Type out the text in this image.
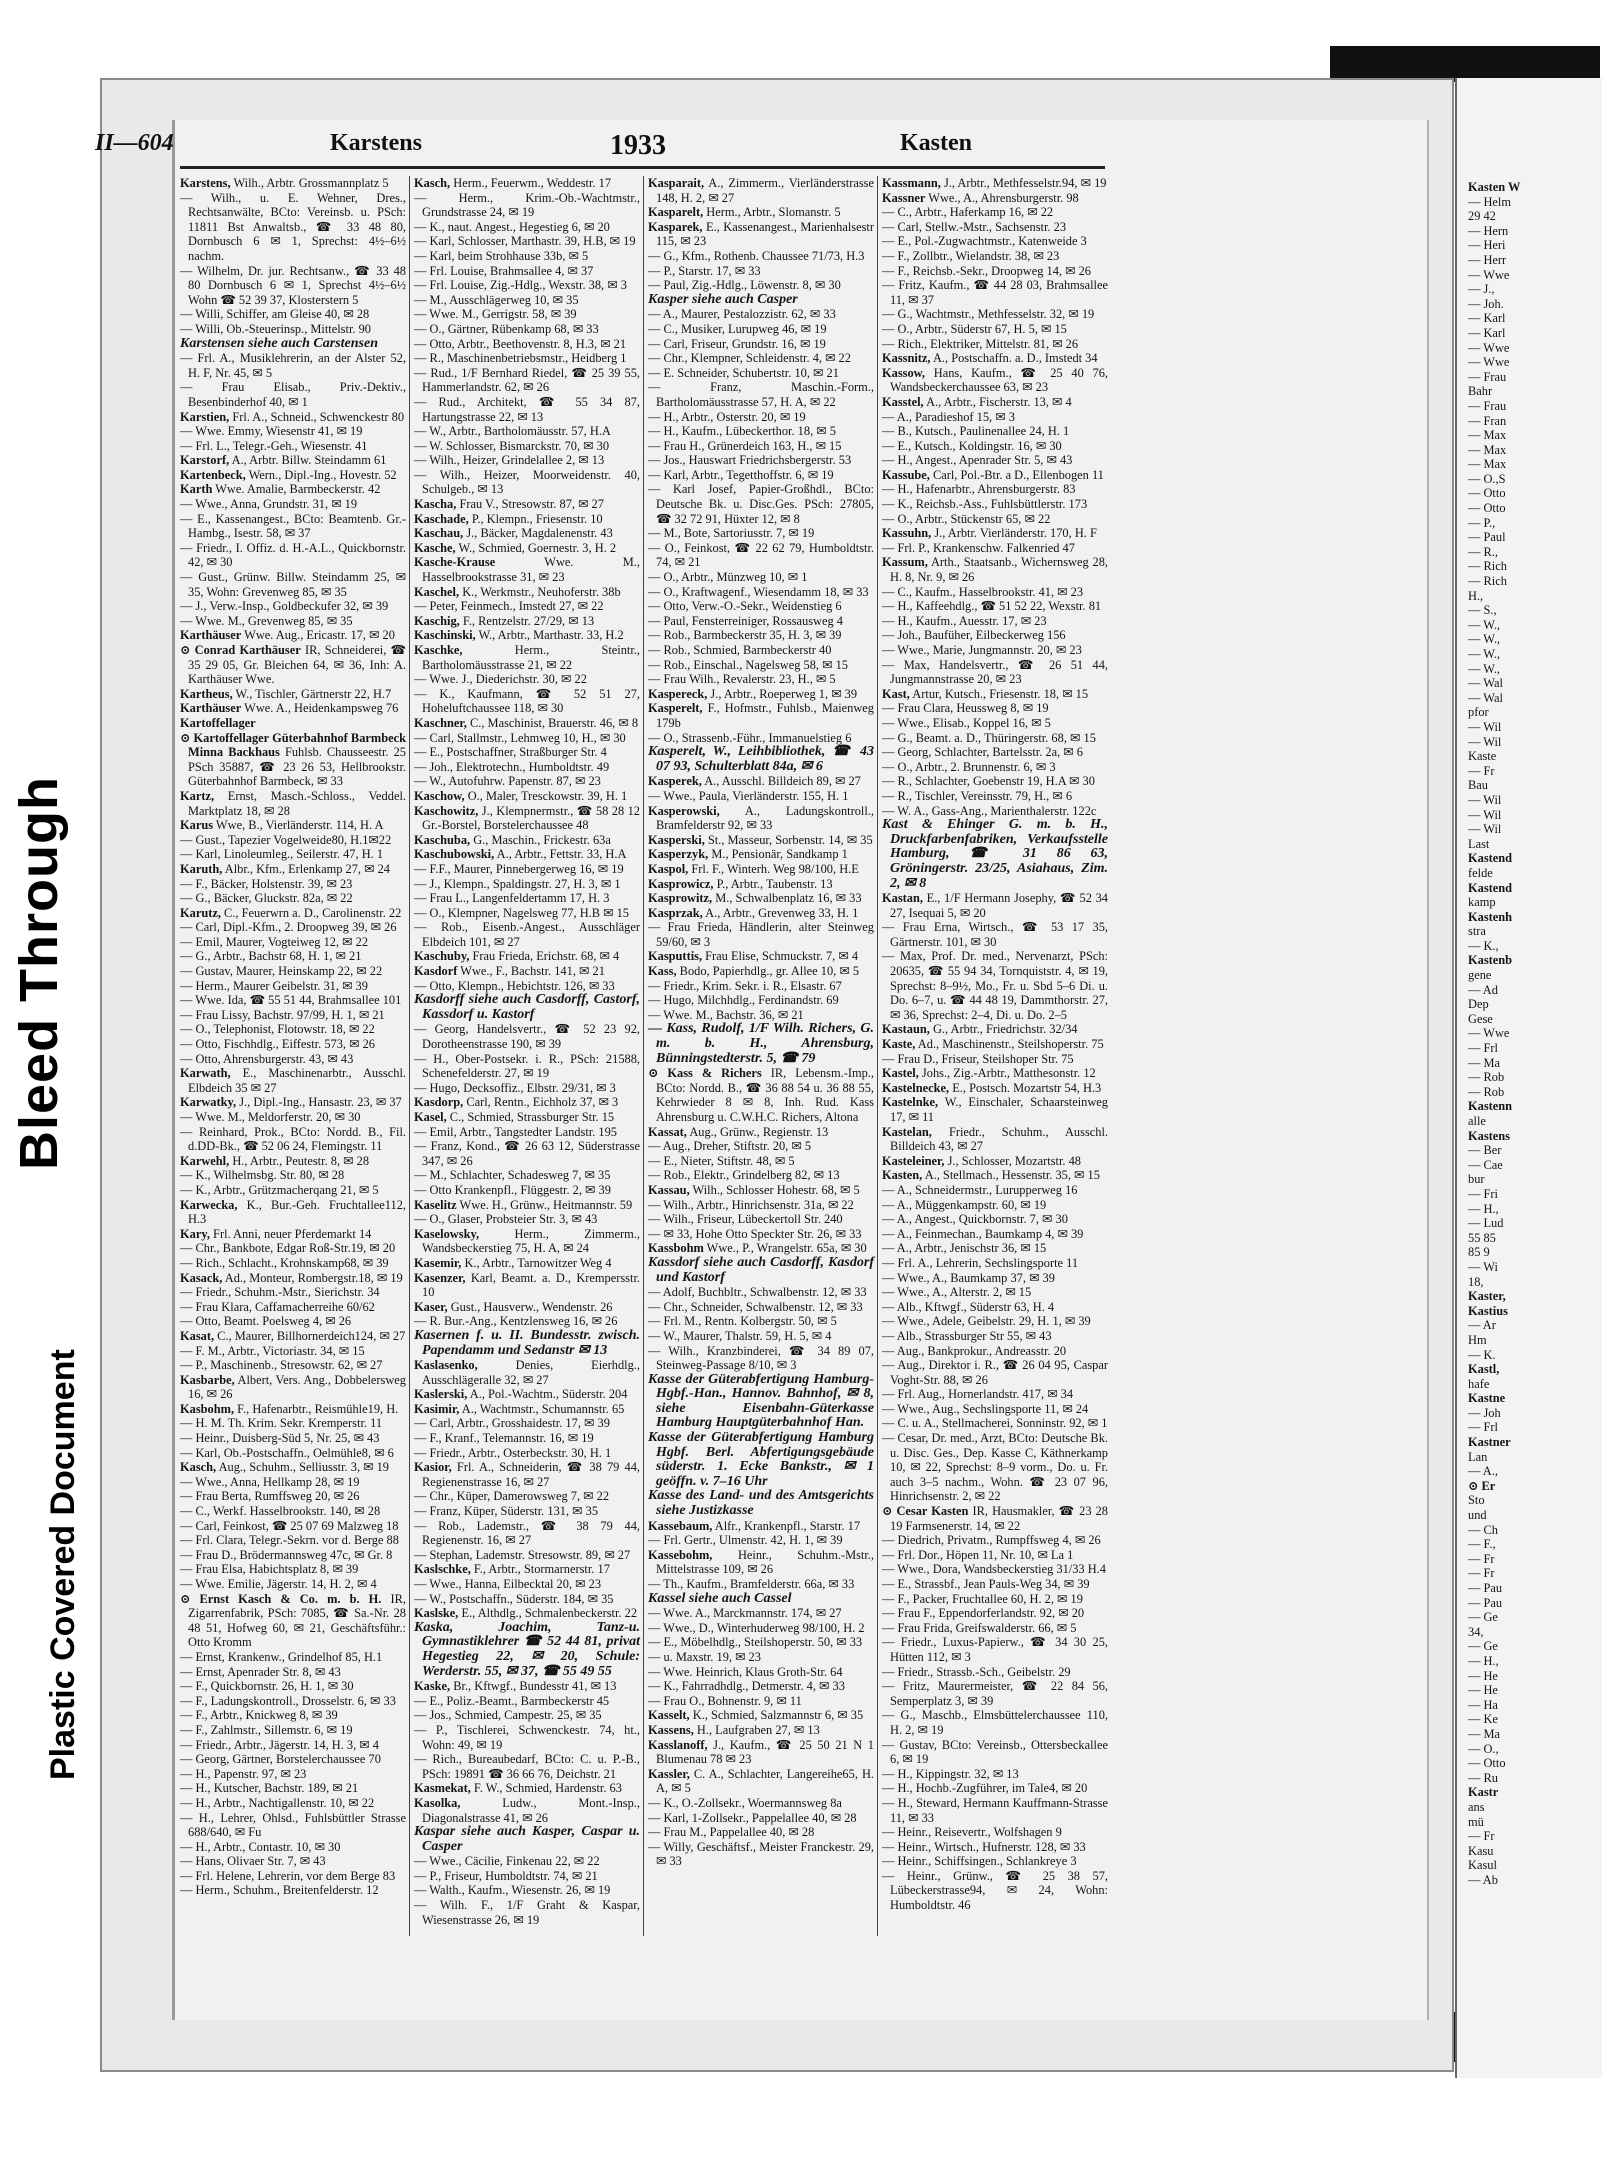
Bleed Through
Plastic Covered Document
II—604	Karstens	1933	Kasten

Karstens, Wilh., Arbtr. Grossmannplatz 5

— Wilh., u. E. Wehner, Dres., Rechtsanwälte, BCto: Vereinsb. u. PSch: 11811 Bst Anwaltsb., ☎ 33 48 80, Dornbusch 6 ✉ 1, Sprechst: 4½–6½ nachm.

— Wilhelm, Dr. jur. Rechtsanw., ☎ 33 48 80 Dornbusch 6 ✉ 1, Sprechst 4½–6½ Wohn ☎ 52 39 37, Klosterstern 5

— Willi, Schiffer, am Gleise 40, ✉ 28

— Willi, Ob.-Steuerinsp., Mittelstr. 90

Karstensen siehe auch Carstensen

— Frl. A., Musiklehrerin, an der Alster 52, H. F, Nr. 45, ✉ 5

— Frau Elisab., Priv.-Dektiv., Besenbinderhof 40, ✉ 1

Karstien, Frl. A., Schneid., Schwenckestr 80

— Wwe. Emmy, Wiesenstr 41, ✉ 19

— Frl. L., Telegr.-Geh., Wiesenstr. 41

Karstorf, A., Arbtr. Billw. Steindamm 61

Kartenbeck, Wern., Dipl.-Ing., Hovestr. 52

Karth Wwe. Amalie, Barmbeckerstr. 42

— Wwe., Anna, Grundstr. 31, ✉ 19

— E., Kassenangest., BCto: Beamtenb. Gr.-Hambg., Isestr. 58, ✉ 37

— Friedr., I. Offiz. d. H.-A.L., Quickbornstr. 42, ✉ 30

— Gust., Grünw. Billw. Steindamm 25, ✉ 35, Wohn: Grevenweg 85, ✉ 35

— J., Verw.-Insp., Goldbeckufer 32, ✉ 39

— Wwe. M., Grevenweg 85, ✉ 35

Karthäuser Wwe. Aug., Ericastr. 17, ✉ 20

⊙ Conrad Karthäuser IR, Schneiderei, ☎ 35 29 05, Gr. Bleichen 64, ✉ 36, Inh: A. Karthäuser Wwe.

Kartheus, W., Tischler, Gärtnerstr 22, H.7

Karthäuser Wwe. A., Heidenkampsweg 76

Kartoffellager

⊙ Kartoffellager Güterbahnhof Barmbeck Minna Backhaus Fuhlsb. Chausseestr. 25 PSch 35887, ☎ 23 26 53, Hellbrookstr. Güterbahnhof Barmbeck, ✉ 33

Kartz, Ernst, Masch.-Schloss., Veddel. Marktplatz 18, ✉ 28

Karus Wwe, B., Vierländerstr. 114, H. A

— Gust., Tapezier Vogelweide80, H.1✉22

— Karl, Linoleumleg., Seilerstr. 47, H. 1

Karuth, Albr., Kfm., Erlenkamp 27, ✉ 24

— F., Bäcker, Holstenstr. 39, ✉ 23

— G., Bäcker, Gluckstr. 82a, ✉ 22

Karutz, C., Feuerwrn a. D., Carolinenstr. 22

— Carl, Dipl.-Kfm., 2. Droopweg 39, ✉ 26

— Emil, Maurer, Vogteiweg 12, ✉ 22

— G., Arbtr., Bachstr 68, H. 1, ✉ 21

— Gustav, Maurer, Heinskamp 22, ✉ 22

— Herm., Maurer Geibelstr. 31, ✉ 39

— Wwe. Ida, ☎ 55 51 44, Brahmsallee 101

— Frau Lissy, Bachstr. 97/99, H. 1, ✉ 21

— O., Telephonist, Flotowstr. 18, ✉ 22

— Otto, Fischhdlg., Eiffestr. 573, ✉ 26

— Otto, Ahrensburgerstr. 43, ✉ 43

Karwath, E., Maschinenarbtr., Ausschl. Elbdeich 35 ✉ 27

Karwatky, J., Dipl.-Ing., Hansastr. 23, ✉ 37

— Wwe. M., Meldorferstr. 20, ✉ 30

— Reinhard, Prok., BCto: Nordd. B., Fil. d.DD-Bk., ☎ 52 06 24, Flemingstr. 11

Karwehl, H., Arbtr., Peutestr. 8, ✉ 28

— K., Wilhelmsbg. Str. 80, ✉ 28

— K., Arbtr., Grützmacherqang 21, ✉ 5

Karwecka, K., Bur.-Geh. Fruchtallee112, H.3

Kary, Frl. Anni, neuer Pferdemarkt 14

— Chr., Bankbote, Edgar Roß-Str.19, ✉ 20

— Rich., Schlacht., Krohnskamp68, ✉ 39

Kasack, Ad., Monteur, Rombergstr.18, ✉ 19

— Friedr., Schuhm.-Mstr., Sierichstr. 34

— Frau Klara, Caffamacherreihe 60/62

— Otto, Beamt. Poelsweg 4, ✉ 26

Kasat, C., Maurer, Billhornerdeich124, ✉ 27

— F. M., Arbtr., Victoriastr. 34, ✉ 15

— P., Maschinenb., Stresowstr. 62, ✉ 27

Kasbarbe, Albert, Vers. Ang., Dobbelersweg 16, ✉ 26

Kasbohm, F., Hafenarbtr., Reismühle19, H.

— H. M. Th. Krim. Sekr. Kremperstr. 11

— Heinr., Duisberg-Süd 5, Nr. 25, ✉ 43

— Karl, Ob.-Postschaffn., Oelmühle8, ✉ 6

Kasch, Aug., Schuhm., Selliusstr. 3, ✉ 19

— Wwe., Anna, Hellkamp 28, ✉ 19

— Frau Berta, Rumffsweg 20, ✉ 26

— C., Werkf. Hasselbrookstr. 140, ✉ 28

— Carl, Feinkost, ☎ 25 07 69 Malzweg 18

— Frl. Clara, Telegr.-Sekrn. vor d. Berge 88

— Frau D., Brödermannsweg 47c, ✉ Gr. 8

— Frau Elsa, Habichtsplatz 8, ✉ 39

— Wwe. Emilie, Jägerstr. 14, H. 2, ✉ 4

⊙ Ernst Kasch & Co. m. b. H. IR, Zigarrenfabrik, PSch: 7085, ☎ Sa.-Nr. 28 48 51, Hofweg 60, ✉ 21, Geschäftsführ.: Otto Kromm

— Ernst, Krankenw., Grindelhof 85, H.1

— Ernst, Apenrader Str. 8, ✉ 43

— F., Quickbornstr. 26, H. 1, ✉ 30

— F., Ladungskontroll., Drosselstr. 6, ✉ 33

— F., Arbtr., Knickweg 8, ✉ 39

— F., Zahlmstr., Sillemstr. 6, ✉ 19

— Friedr., Arbtr., Jägerstr. 14, H. 3, ✉ 4

— Georg, Gärtner, Borstelerchaussee 70

— H., Papenstr. 97, ✉ 23

— H., Kutscher, Bachstr. 189, ✉ 21

— H., Arbtr., Nachtigallenstr. 10, ✉ 22

— H., Lehrer, Ohlsd., Fuhlsbüttler Strasse 688/640, ✉ Fu

— H., Arbtr., Contastr. 10, ✉ 30

— Hans, Olivaer Str. 7, ✉ 43

— Frl. Helene, Lehrerin, vor dem Berge 83

— Herm., Schuhm., Breitenfelderstr. 12

Kasch, Herm., Feuerwm., Weddestr. 17

— Herm., Krim.-Ob.-Wachtmstr., Grundstrasse 24, ✉ 19

— K., naut. Angest., Hegestieg 6, ✉ 20

— Karl, Schlosser, Marthastr. 39, H.B, ✉ 19

— Karl, beim Strohhause 33b, ✉ 5

— Frl. Louise, Brahmsallee 4, ✉ 37

— Frl. Louise, Zig.-Hdlg., Wexstr. 38, ✉ 3

— M., Ausschlägerweg 10, ✉ 35

— Wwe. M., Gerrigstr. 58, ✉ 39

— O., Gärtner, Rübenkamp 68, ✉ 33

— Otto, Arbtr., Beethovenstr. 8, H.3, ✉ 21

— R., Maschinenbetriebsmstr., Heidberg 1

— Rud., 1/F Bernhard Riedel, ☎ 25 39 55, Hammerlandstr. 62, ✉ 26

— Rud., Architekt, ☎ 55 34 87, Hartungstrasse 22, ✉ 13

— W., Arbtr., Bartholomäusstr. 57, H.A

— W. Schlosser, Bismarckstr. 70, ✉ 30

— Wilh., Heizer, Grindelallee 2, ✉ 13

— Wilh., Heizer, Moorweidenstr. 40, Schulgeb., ✉ 13

Kascha, Frau V., Stresowstr. 87, ✉ 27

Kaschade, P., Klempn., Friesenstr. 10

Kaschau, J., Bäcker, Magdalenenstr. 43

Kasche, W., Schmied, Goernestr. 3, H. 2

Kasche-Krause Wwe. M., Hasselbrookstrasse 31, ✉ 23

Kaschel, K., Werkmstr., Neuhoferstr. 38b

— Peter, Feinmech., Imstedt 27, ✉ 22

Kaschig, F., Rentzelstr. 27/29, ✉ 13

Kaschinski, W., Arbtr., Marthastr. 33, H.2

Kaschke, Herm., Steintr., Bartholomäusstrasse 21, ✉ 22

— Wwe. J., Diederichstr. 30, ✉ 22

— K., Kaufmann, ☎ 52 51 27, Hoheluftchaussee 118, ✉ 30

Kaschner, C., Maschinist, Brauerstr. 46, ✉ 8

— Carl, Stallmstr., Lehmweg 10, H., ✉ 30

— E., Postschaffner, Straßburger Str. 4

— Joh., Elektrotechn., Humboldtstr. 49

— W., Autofuhrw. Papenstr. 87, ✉ 23

Kaschow, O., Maler, Tresckowstr. 39, H. 1

Kaschowitz, J., Klempnermstr., ☎ 58 28 12 Gr.-Borstel, Borstelerchaussee 48

Kaschuba, G., Maschin., Frickestr. 63a

Kaschubowski, A., Arbtr., Fettstr. 33, H.A

— F.F., Maurer, Pinnebergerweg 16, ✉ 19

— J., Klempn., Spaldingstr. 27, H. 3, ✉ 1

— Frau L., Langenfeldertamm 17, H. 3

— O., Klempner, Nagelsweg 77, H.B ✉ 15

— Rob., Eisenb.-Angest., Ausschläger Elbdeich 101, ✉ 27

Kaschuby, Frau Frieda, Erichstr. 68, ✉ 4

Kasdorf Wwe., F., Bachstr. 141, ✉ 21

— Otto, Klempn., Hebichtstr. 126, ✉ 33

Kasdorff siehe auch Casdorff, Castorf, Kassdorf u. Kastorf

— Georg, Handelsvertr., ☎ 52 23 92, Dorotheenstrasse 190, ✉ 39

— H., Ober-Postsekr. i. R., PSch: 21588, Schenefelderstr. 27, ✉ 19

— Hugo, Decksoffiz., Elbstr. 29/31, ✉ 3

Kasdorp, Carl, Rentn., Eichholz 37, ✉ 3

Kasel, C., Schmied, Strassburger Str. 15

— Emil, Arbtr., Tangstedter Landstr. 195

— Franz, Kond., ☎ 26 63 12, Süderstrasse 347, ✉ 26

— M., Schlachter, Schadesweg 7, ✉ 35

— Otto Krankenpfl., Flüggestr. 2, ✉ 39

Kaselitz Wwe. H., Grünw., Heitmannstr. 59

— O., Glaser, Probsteier Str. 3, ✉ 43

Kaselowsky, Herm., Zimmerm., Wandsbeckerstieg 75, H. A, ✉ 24

Kasemir, K., Arbtr., Tarnowitzer Weg 4

Kasenzer, Karl, Beamt. a. D., Krempersstr. 10

Kaser, Gust., Hausverw., Wendenstr. 26

— R. Bur.-Ang., Kentzlensweg 16, ✉ 26

Kasernen f. u. II. Bundesstr. zwisch. Papendamm und Sedanstr ✉ 13

Kaslasenko, Denies, Eierhdlg., Ausschlägeralle 32, ✉ 27

Kaslerski, A., Pol.-Wachtm., Süderstr. 204

Kasimir, A., Wachtmstr., Schumannstr. 65

— Carl, Arbtr., Grosshaidestr. 17, ✉ 39

— F., Kranf., Telemannstr. 16, ✉ 19

— Friedr., Arbtr., Osterbeckstr. 30, H. 1

Kasior, Frl. A., Schneiderin, ☎ 38 79 44, Regienenstrasse 16, ✉ 27

— Chr., Küper, Damerowsweg 7, ✉ 22

— Franz, Küper, Süderstr. 131, ✉ 35

— Rob., Lademstr., ☎ 38 79 44, Regienenstr. 16, ✉ 27

— Stephan, Lademstr. Stresowstr. 89, ✉ 27

Kaslschke, F., Arbtr., Stormarnerstr. 17

— Wwe., Hanna, Eilbecktal 20, ✉ 23

— W., Postschaffn., Süderstr. 184, ✉ 35

Kaslske, E., Althdlg., Schmalenbeckerstr. 22

Kaska, Joachim, Tanz-u. Gymnastiklehrer ☎ 52 44 81, privat Hegestieg 22, ✉ 20, Schule: Werderstr. 55, ✉ 37, ☎ 55 49 55

Kaske, Br., Kftwgf., Bundesstr 41, ✉ 13

— E., Poliz.-Beamt., Barmbeckerstr 45

— Jos., Schmied, Campestr. 25, ✉ 35

— P., Tischlerei, Schwenckestr. 74, ht., Wohn: 49, ✉ 19

— Rich., Bureaubedarf, BCto: C. u. P.-B., PSch: 19891 ☎ 36 66 76, Deichstr. 21

Kasmekat, F. W., Schmied, Hardenstr. 63

Kasolka, Ludw., Mont.-Insp., Diagonalstrasse 41, ✉ 26

Kaspar siehe auch Kasper, Caspar u. Casper

— Wwe., Cäcilie, Finkenau 22, ✉ 22

— P., Friseur, Humboldtstr. 74, ✉ 21

— Walth., Kaufm., Wiesenstr. 26, ✉ 19

— Wilh. F., 1/F Graht & Kaspar, Wiesenstrasse 26, ✉ 19

Kasparait, A., Zimmerm., Vierländerstrasse 148, H. 2, ✉ 27

Kasparelt, Herm., Arbtr., Slomanstr. 5

Kasparek, E., Kassenangest., Marienhalsestr 115, ✉ 23

— G., Kfm., Rothenb. Chaussee 71/73, H.3

— P., Starstr. 17, ✉ 33

— Paul, Zig.-Hdlg., Löwenstr. 8, ✉ 30

Kasper siehe auch Casper

— A., Maurer, Pestalozzistr. 62, ✉ 33

— C., Musiker, Lurupweg 46, ✉ 19

— Carl, Friseur, Grundstr. 16, ✉ 19

— Chr., Klempner, Schleidenstr. 4, ✉ 22

— E. Schneider, Schubertstr. 10, ✉ 21

— Franz, Maschin.-Form., Bartholomäusstrasse 57, H. A, ✉ 22

— H., Arbtr., Osterstr. 20, ✉ 19

— H., Kaufm., Lübeckerthor. 18, ✉ 5

— Frau H., Grünerdeich 163, H., ✉ 15

— Jos., Hauswart Friedrichsbergerstr. 53

— Karl, Arbtr., Tegetthoffstr. 6, ✉ 19

— Karl Josef, Papier-Großhdl., BCto: Deutsche Bk. u. Disc.Ges. PSch: 27805, ☎ 32 72 91, Hüxter 12, ✉ 8

— M., Bote, Sartoriusstr. 7, ✉ 19

— O., Feinkost, ☎ 22 62 79, Humboldtstr. 74, ✉ 21

— O., Arbtr., Münzweg 10, ✉ 1

— O., Kraftwagenf., Wiesendamm 18, ✉ 33

— Otto, Verw.-O.-Sekr., Weidenstieg 6

— Paul, Fensterreiniger, Rossausweg 4

— Rob., Barmbeckerstr 35, H. 3, ✉ 39

— Rob., Schmied, Barmbeckerstr 40

— Rob., Einschal., Nagelsweg 58, ✉ 15

— Frau Wilh., Revalerstr. 23, H., ✉ 5

Kaspereck, J., Arbtr., Roeperweg 1, ✉ 39

Kasperelt, F., Hofmstr., Fuhlsb., Maienweg 179b

— O., Strassenb.-Führ., Immanuelstieg 6

Kasperelt, W., Leihbibliothek, ☎ 43 07 93, Schulterblatt 84a, ✉ 6

Kasperek, A., Ausschl. Billdeich 89, ✉ 27

— Wwe., Paula, Vierländerstr. 155, H. 1

Kasperowski, A., Ladungskontroll., Bramfelderstr 92, ✉ 33

Kasperski, St., Masseur, Sorbenstr. 14, ✉ 35

Kasperzyk, M., Pensionär, Sandkamp 1

Kaspol, Frl. F., Winterh. Weg 98/100, H.E

Kasprowicz, P., Arbtr., Taubenstr. 13

Kasprowitz, M., Schwalbenplatz 16, ✉ 33

Kasprzak, A., Arbtr., Grevenweg 33, H. 1

— Frau Frieda, Händlerin, alter Steinweg 59/60, ✉ 3

Kasputtis, Frau Elise, Schmuckstr. 7, ✉ 4

Kass, Bodo, Papierhdlg., gr. Allee 10, ✉ 5

— Friedr., Krim. Sekr. i. R., Elsastr. 67

— Hugo, Milchhdlg., Ferdinandstr. 69

— Wwe. M., Bachstr. 36, ✉ 21

— Kass, Rudolf, 1/F Wilh. Richers, G. m. b. H., Ahrensburg, Bünningstedterstr. 5, ☎ 79

⊙ Kass & Richers IR, Lebensm.-Imp., BCto: Nordd. B., ☎ 36 88 54 u. 36 88 55, Kehrwieder 8 ✉ 8, Inh. Rud. Kass Ahrensburg u. C.W.H.C. Richers, Altona

Kassat, Aug., Grünw., Regienstr. 13

— Aug., Dreher, Stiftstr. 20, ✉ 5

— E., Nieter, Stiftstr. 48, ✉ 5

— Rob., Elektr., Grindelberg 82, ✉ 13

Kassau, Wilh., Schlosser Hohestr. 68, ✉ 5

— Wilh., Arbtr., Hinrichsenstr. 31a, ✉ 22

— Wilh., Friseur, Lübeckertoll Str. 240

— ✉ 33, Hohe Otto Speckter Str. 26, ✉ 33

Kassbohm Wwe., P., Wrangelstr. 65a, ✉ 30

Kassdorf siehe auch Casdorff, Kasdorf und Kastorf

— Adolf, Buchbltr., Schwalbenstr. 12, ✉ 33

— Chr., Schneider, Schwalbenstr. 12, ✉ 33

— Frl. M., Rentn. Kolbergstr. 50, ✉ 5

— W., Maurer, Thalstr. 59, H. 5, ✉ 4

— Wilh., Kranzbinderei, ☎ 34 89 07, Steinweg-Passage 8/10, ✉ 3

Kasse der Güterabfertigung Hamburg-Hgbf.-Han., Hannov. Bahnhof, ✉ 8, siehe Eisenbahn-Güterkasse Hamburg Hauptgüterbahnhof Han.

Kasse der Güterabfertigung Hamburg Hgbf. Berl. Abfertigungsgebäude süderstr. 1. Ecke Bankstr., ✉ 1 geöffn. v. 7–16 Uhr

Kasse des Land- und des Amtsgerichts siehe Justizkasse

Kassebaum, Alfr., Krankenpfl., Starstr. 17

— Frl. Gertr., Ulmenstr. 42, H. 1, ✉ 39

Kassebohm, Heinr., Schuhm.-Mstr., Mittelstrasse 109, ✉ 26

— Th., Kaufm., Bramfelderstr. 66a, ✉ 33

Kassel siehe auch Cassel

— Wwe. A., Marckmannstr. 174, ✉ 27

— Wwe., D., Winterhuderweg 98/100, H. 2

— E., Möbelhdlg., Steilshoperstr. 50, ✉ 33

— u. Maxstr. 19, ✉ 23

— Wwe. Heinrich, Klaus Groth-Str. 64

— K., Fahrradhdlg., Detmerstr. 4, ✉ 33

— Frau O., Bohnenstr. 9, ✉ 11

Kasselt, K., Schmied, Salzmannstr 6, ✉ 35

Kassens, H., Laufgraben 27, ✉ 13

Kasslanoff, J., Kaufm., ☎ 25 50 21 N 1 Blumenau 78 ✉ 23

Kassler, C. A., Schlachter, Langereihe65, H. A, ✉ 5

— K., O.-Zollsekr., Woermannsweg 8a

— Karl, 1-Zollsekr., Pappelallee 40, ✉ 28

— Frau M., Pappelallee 40, ✉ 28

— Willy, Geschäftsf., Meister Franckestr. 29, ✉ 33

Kassmann, J., Arbtr., Methfesselstr.94, ✉ 19

Kassner Wwe., A., Ahrensburgerstr. 98

— C., Arbtr., Haferkamp 16, ✉ 22

— Carl, Stellw.-Mstr., Sachsenstr. 23

— E., Pol.-Zugwachtmstr., Katenweide 3

— F., Zollbtr., Wielandstr. 38, ✉ 23

— F., Reichsb.-Sekr., Droopweg 14, ✉ 26

— Fritz, Kaufm., ☎ 44 28 03, Brahmsallee 11, ✉ 37

— G., Wachtmstr., Methfesselstr. 32, ✉ 19

— O., Arbtr., Süderstr 67, H. 5, ✉ 15

— Rich., Elektriker, Mittelstr. 81, ✉ 26

Kassnitz, A., Postschaffn. a. D., Imstedt 34

Kassow, Hans, Kaufm., ☎ 25 40 76, Wandsbeckerchaussee 63, ✉ 23

Kasstel, A., Arbtr., Fischerstr. 13, ✉ 4

— A., Paradieshof 15, ✉ 3

— B., Kutsch., Paulinenallee 24, H. 1

— E., Kutsch., Koldingstr. 16, ✉ 30

— H., Angest., Apenrader Str. 5, ✉ 43

Kassube, Carl, Pol.-Btr. a D., Ellenbogen 11

— H., Hafenarbtr., Ahrensburgerstr. 83

— K., Reichsb.-Ass., Fuhlsbüttlerstr. 173

— O., Arbtr., Stückenstr 65, ✉ 22

Kassuhn, J., Arbtr. Vierländerstr. 170, H. F

— Frl. P., Krankenschw. Falkenried 47

Kassum, Arth., Staatsanb., Wichernsweg 28, H. 8, Nr. 9, ✉ 26

— C., Kaufm., Hasselbrookstr. 41, ✉ 23

— H., Kaffeehdlg., ☎ 51 52 22, Wexstr. 81

— H., Kaufm., Auesstr. 17, ✉ 23

— Joh., Baufüher, Eilbeckerweg 156

— Wwe., Marie, Jungmannstr. 20, ✉ 23

— Max, Handelsvertr., ☎ 26 51 44, Jungmannstrasse 20, ✉ 23

Kast, Artur, Kutsch., Friesenstr. 18, ✉ 15

— Frau Clara, Heussweg 8, ✉ 19

— Wwe., Elisab., Koppel 16, ✉ 5

— G., Beamt. a. D., Thüringerstr. 68, ✉ 15

— Georg, Schlachter, Bartelsstr. 2a, ✉ 6

— O., Arbtr., 2. Brunnenstr. 6, ✉ 3

— R., Schlachter, Goebenstr 19, H.A ✉ 30

— R., Tischler, Vereinsstr. 79, H., ✉ 6

— W. A., Gass-Ang., Marienthalerstr. 122c

Kast & Ehinger G. m. b. H., Druckfarbenfabriken, Verkaufsstelle Hamburg, ☎ 31 86 63, Gröningerstr. 23/25, Asiahaus, Zim. 2, ✉ 8

Kastan, E., 1/F Hermann Josephy, ☎ 52 34 27, Isequai 5, ✉ 20

— Frau Erna, Wirtsch., ☎ 53 17 35, Gärtnerstr. 101, ✉ 30

— Max, Prof. Dr. med., Nervenarzt, PSch: 20635, ☎ 55 94 34, Tornquiststr. 4, ✉ 19, Sprechst: 8–9½, Mo., Fr. u. Sbd 5–6 Di. u. Do. 6–7, u. ☎ 44 48 19, Dammthorstr. 27, ✉ 36, Sprechst: 2–4, Di. u. Do. 2–5

Kastaun, G., Arbtr., Friedrichstr. 32/34

Kaste, Ad., Maschinenstr., Steilshoperstr. 75

— Frau D., Friseur, Steilshoper Str. 75

Kastel, Johs., Zig.-Arbtr., Matthesonstr. 12

Kastelnecke, E., Postsch. Mozartstr 54, H.3

Kastelnke, W., Einschaler, Schaarsteinweg 17, ✉ 11

Kastelan, Friedr., Schuhm., Ausschl. Billdeich 43, ✉ 27

Kasteleiner, J., Schlosser, Mozartstr. 48

Kasten, A., Stellmach., Hessenstr. 35, ✉ 15

— A., Schneidermstr., Lurupperweg 16

— A., Müggenkampstr. 60, ✉ 19

— A., Angest., Quickbornstr. 7, ✉ 30

— A., Feinmechan., Baumkamp 4, ✉ 39

— A., Arbtr., Jenischstr 36, ✉ 15

— Frl. A., Lehrerin, Sechslingsporte 11

— Wwe., A., Baumkamp 37, ✉ 39

— Wwe., A., Alterstr. 2, ✉ 15

— Alb., Kftwgf., Süderstr 63, H. 4

— Wwe., Adele, Geibelstr. 29, H. 1, ✉ 39

— Alb., Strassburger Str 55, ✉ 43

— Aug., Bankprokur., Andreasstr. 20

— Aug., Direktor i. R., ☎ 26 04 95, Caspar Voght-Str. 88, ✉ 26

— Frl. Aug., Hornerlandstr. 417, ✉ 34

— Wwe., Aug., Sechslingsporte 11, ✉ 24

— C. u. A., Stellmacherei, Sonninstr. 92, ✉ 1

— Cesar, Dr. med., Arzt, BCto: Deutsche Bk. u. Disc. Ges., Dep. Kasse C, Käthnerkamp 10, ✉ 22, Sprechst: 8–9 vorm., Do. u. Fr. auch 3–5 nachm., Wohn. ☎ 23 07 96, Hinrichsenstr. 2, ✉ 22

⊙ Cesar Kasten IR, Hausmakler, ☎ 23 28 19 Farmsenerstr. 14, ✉ 22

— Diedrich, Privatm., Rumpffsweg 4, ✉ 26

— Frl. Dor., Höpen 11, Nr. 10, ✉ La 1

— Wwe., Dora, Wandsbeckerstieg 31/33 H.4

— E., Strassbf., Jean Pauls-Weg 34, ✉ 39

— F., Packer, Fruchtallee 60, H. 2, ✉ 19

— Frau F., Eppendorferlandstr. 92, ✉ 20

— Frau Frida, Greifswalderstr. 66, ✉ 5

— Friedr., Luxus-Papierw., ☎ 34 30 25, Hütten 112, ✉ 3

— Friedr., Strassb.-Sch., Geibelstr. 29

— Fritz, Maurermeister, ☎ 22 84 56, Semperplatz 3, ✉ 39

— G., Maschb., Elmsbüttelerchaussee 110, H. 2, ✉ 19

— Gustav, BCto: Vereinsb., Ottersbeckallee 6, ✉ 19

— H., Kippingstr. 32, ✉ 13

— H., Hochb.-Zugführer, im Tale4, ✉ 20

— H., Steward, Hermann Kauffmann-Strasse 11, ✉ 33

— Heinr., Reisevertr., Wolfshagen 9

— Heinr., Wirtsch., Hufnerstr. 128, ✉ 33

— Heinr., Schiffsingen., Schlankreye 3

— Heinr., Grünw., ☎ 25 38 57, Lübeckerstrasse94, ✉ 24, Wohn: Humboldtstr. 46

Kasten W

— Helm

29 42

— Hern

— Heri

— Herr

— Wwe

— J.,

— Joh.

— Karl

— Karl

— Wwe

— Wwe

— Frau

Bahr

— Frau

— Fran

— Max

— Max

— Max

— O.,S

— Otto

— Otto

— P.,

— Paul

— R.,

— Rich

— Rich

H.,

— S.,

— W.,

— W.,

— W.,

— W.,

— Wal

— Wal

pfor

— Wil

— Wil

Kaste

— Fr

Bau

— Wil

— Wil

— Wil

Last

Kastend

felde

Kastend

kamp

Kastenh

stra

— K.,

Kastenb

gene

— Ad

Dep

Gese

— Wwe

— Frl

— Ma

— Rob

— Rob

Kastenn

alle

Kastens

— Ber

— Cae

bur

— Fri

— H.,

— Lud

55 85

85 9

— Wi

18,

Kaster,

Kastius

— Ar

Hm

— K.

Kastl,

hafe

Kastne

— Joh

— Frl

Kastner

Lan

— A.,

⊙ Er

Sto

und

— Ch

— F.,

— Fr

— Fr

— Pau

— Pau

— Ge

34,

— Ge

— H.,

— He

— He

— Ha

— Ke

— Ma

— O.,

— Otto

— Ru

Kastr

ans

mü

— Fr

Kasu

Kasul

— Ab
